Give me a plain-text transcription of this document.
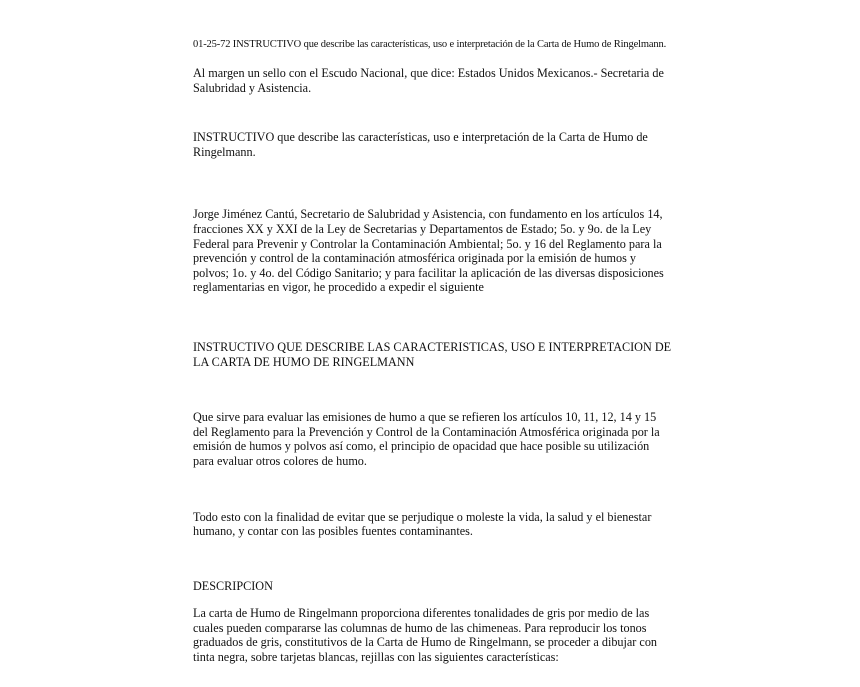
01-25-72 INSTRUCTIVO que describe las características, uso e interpretación de la Carta de Humo de Ringelmann.

Al margen un sello con el Escudo Nacional, que dice: Estados Unidos Mexicanos.- Secretaria de Salubridad y Asistencia.

INSTRUCTIVO que describe las características, uso e interpretación de la Carta de Humo de Ringelmann.

Jorge Jiménez Cantú, Secretario de Salubridad y Asistencia, con fundamento en los artículos 14, fracciones XX y XXI de la Ley de Secretarias y Departamentos de Estado; 5o. y 9o. de la Ley Federal para Prevenir y Controlar la Contaminación Ambiental; 5o. y 16 del Reglamento para la prevención y control de la contaminación atmosférica originada por la emisión de humos y polvos; 1o. y 4o. del Código Sanitario; y para facilitar la aplicación de las diversas disposiciones reglamentarias en vigor, he procedido a expedir el siguiente

INSTRUCTIVO QUE DESCRIBE LAS CARACTERISTICAS, USO E INTERPRETACION DE LA CARTA DE HUMO DE RINGELMANN

Que sirve para evaluar las emisiones de humo a que se refieren los artículos 10, 11, 12, 14 y 15 del Reglamento para la Prevención y Control de la Contaminación Atmosférica originada por la emisión de humos y polvos así como, el principio de opacidad que hace posible su utilización para evaluar otros colores de humo.

Todo esto con la finalidad de evitar que se perjudique o moleste la vida, la salud y el bienestar humano, y contar con las posibles fuentes contaminantes.

DESCRIPCION

La carta de Humo de Ringelmann proporciona diferentes tonalidades de gris por medio de las cuales pueden compararse las columnas de humo de las chimeneas. Para reproducir los tonos graduados de gris, constitutivos de la Carta de Humo de Ringelmann, se proceder a dibujar con tinta negra, sobre tarjetas blancas, rejillas con las siguientes características:
